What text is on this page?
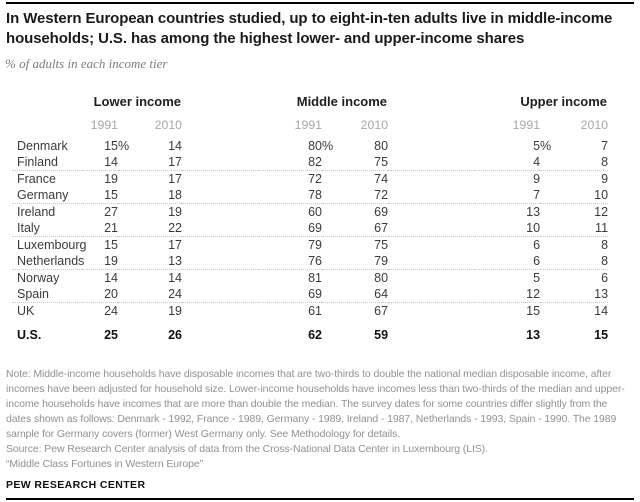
In Western European countries studied, up to eight-in-ten adults live in middle-income households; U.S. has among the highest lower- and upper-income shares

% of adults in each income tier

	Lower income			Middle income			Upper income	
	1991	2010		1991	2010		1991	2010
Denmark	15%	14		80%	80		5%	7
Finland	14	17		82	75		4	8
France	19	17		72	74		9	9
Germany	15	18		78	72		7	10
Ireland	27	19		60	69		13	12
Italy	21	22		69	67		10	11
Luxembourg	15	17		79	75		6	8
Netherlands	19	13		76	79		6	8
Norway	14	14		81	80		5	6
Spain	20	24		69	64		12	13
UK	24	19		61	67		15	14

U.S.	25	26		62	59		13	15
Note: Middle-income households have disposable incomes that are two-thirds to double the national median disposable income, after incomes have been adjusted for household size. Lower-income households have incomes less than two-thirds of the median and upper-income households have incomes that are more than double the median. The survey dates for some countries differ slightly from the dates shown as follows: Denmark - 1992, France - 1989, Germany - 1989, Ireland - 1987, Netherlands - 1993, Spain - 1990. The 1989 sample for Germany covers (former) West Germany only. See Methodology for details.
Source: Pew Research Center analysis of data from the Cross-National Data Center in Luxembourg (LIS).
“Middle Class Fortunes in Western Europe”
PEW RESEARCH CENTER
